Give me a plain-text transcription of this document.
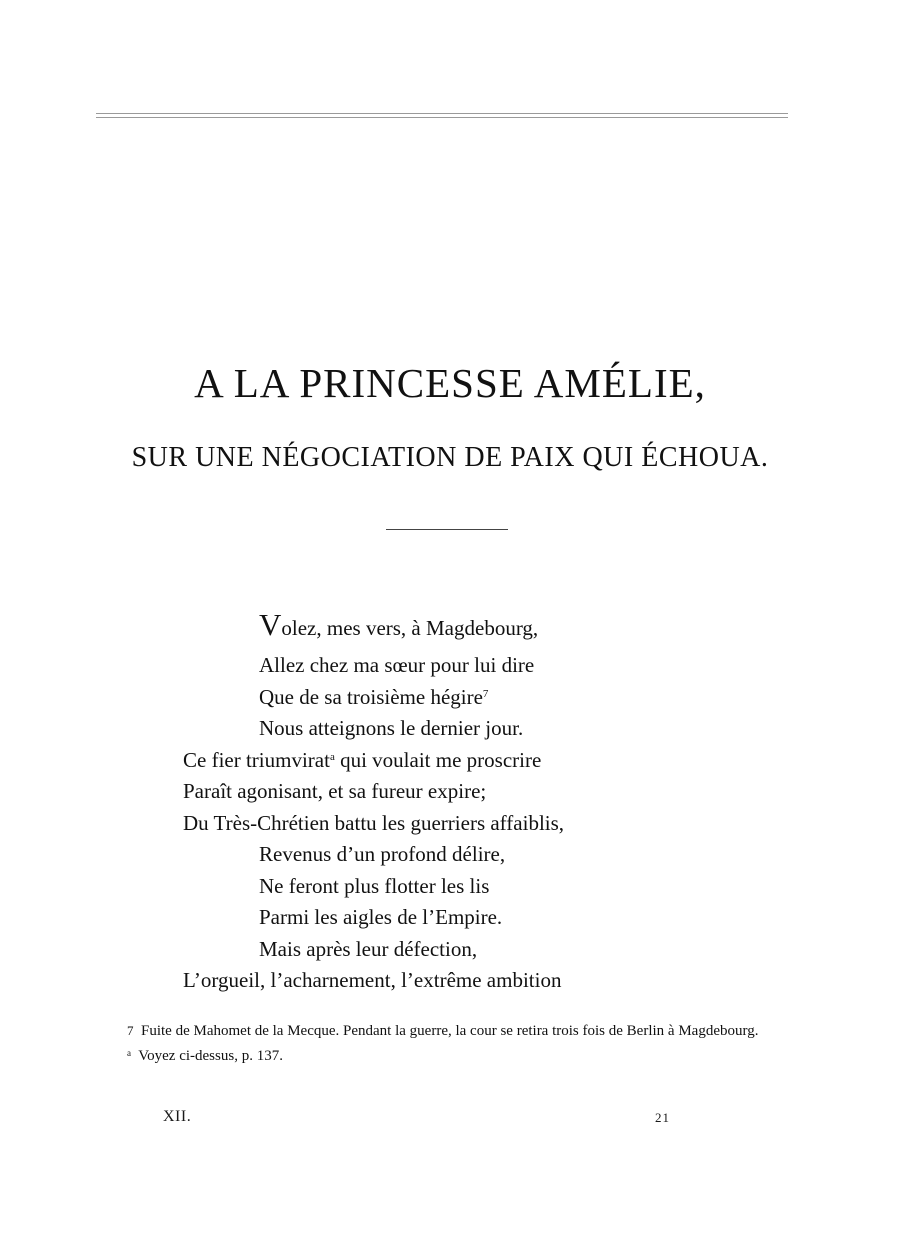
A LA PRINCESSE AMÉLIE,
SUR UNE NÉGOCIATION DE PAIX QUI ÉCHOUA.
Volez, mes vers, à Magdebourg,
Allez chez ma sœur pour lui dire
Que de sa troisième hégire$^7$
Nous atteignons le dernier jour.
Ce fier triumvirat$^a$ qui voulait me proscrire
Paraît agonisant, et sa fureur expire;
Du Très-Chrétien battu les guerriers affaiblis,
Revenus d’un profond délire,
Ne feront plus flotter les lis
Parmi les aigles de l’Empire.
Mais après leur défection,
L’orgueil, l’acharnement, l’extrême ambition
7 Fuite de Mahomet de la Mecque. Pendant la guerre, la cour se retira trois fois de Berlin à Magdebourg.
$^a$ Voyez ci-dessus, p. 137.
XII.	21
